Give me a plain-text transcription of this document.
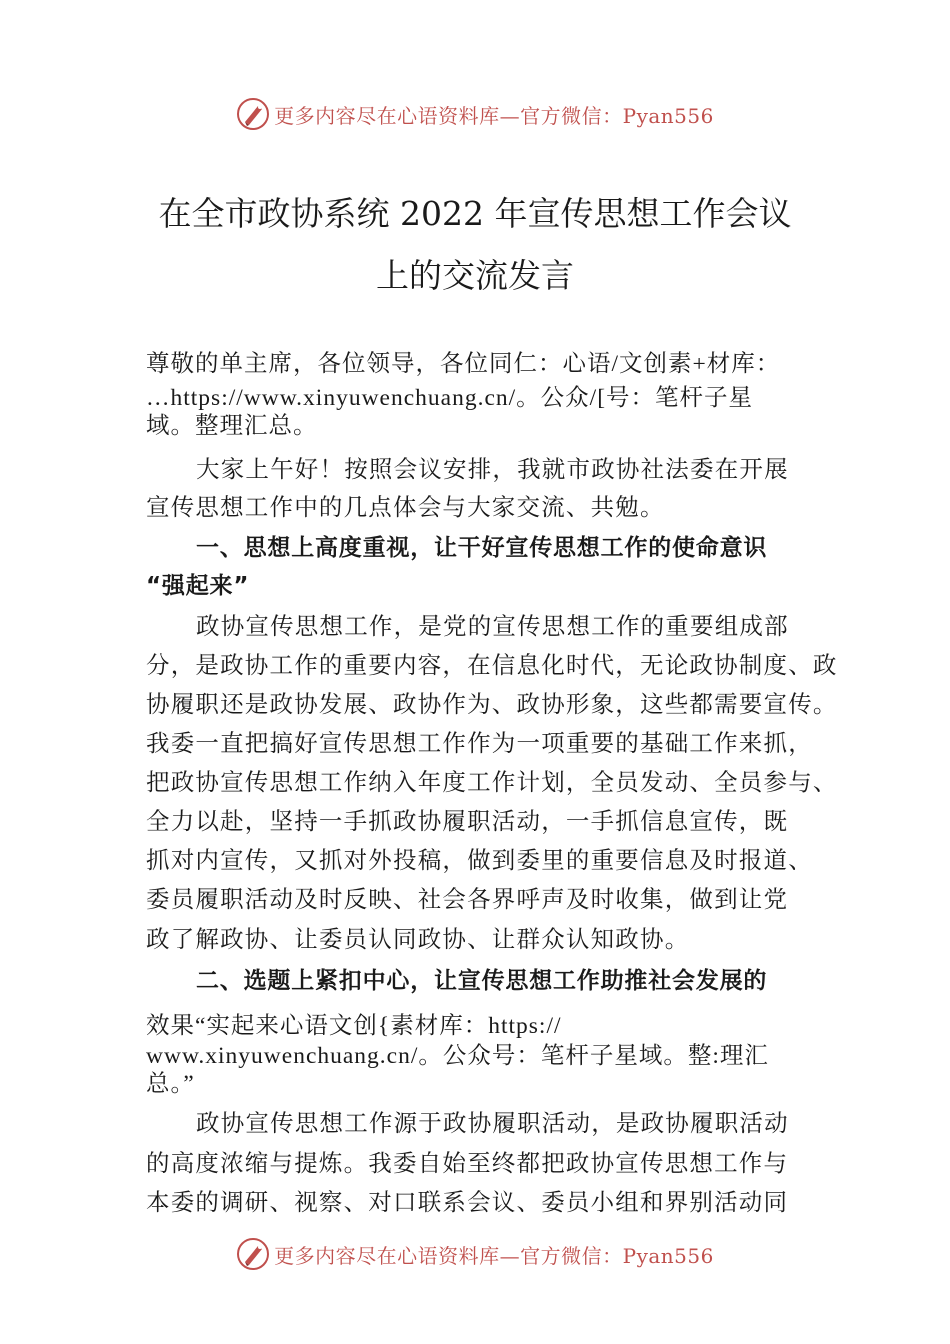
更多内容尽在心语资料库—官方微信：Pyan556
在全市政协系统 2022 年宣传思想工作会议
上的交流发言
尊敬的单主席，各位领导，各位同仁：心语/文创素+材库：
…https://www.xinyuwenchuang.cn/。公众/[号：笔杆子星
域。整理汇总。
大家上午好！按照会议安排，我就市政协社法委在开展
宣传思想工作中的几点体会与大家交流、共勉。
一、思想上高度重视，让干好宣传思想工作的使命意识
“强起来”
政协宣传思想工作，是党的宣传思想工作的重要组成部
分，是政协工作的重要内容，在信息化时代，无论政协制度、政
协履职还是政协发展、政协作为、政协形象，这些都需要宣传。
我委一直把搞好宣传思想工作作为一项重要的基础工作来抓，
把政协宣传思想工作纳入年度工作计划，全员发动、全员参与、
全力以赴，坚持一手抓政协履职活动，一手抓信息宣传，既
抓对内宣传，又抓对外投稿，做到委里的重要信息及时报道、
委员履职活动及时反映、社会各界呼声及时收集，做到让党
政了解政协、让委员认同政协、让群众认知政协。
二、选题上紧扣中心，让宣传思想工作助推社会发展的
效果“实起来心语文创{素材库：https://
www.xinyuwenchuang.cn/。公众号：笔杆子星域。整:理汇
总。”
政协宣传思想工作源于政协履职活动，是政协履职活动
的高度浓缩与提炼。我委自始至终都把政协宣传思想工作与
本委的调研、视察、对口联系会议、委员小组和界别活动同
更多内容尽在心语资料库—官方微信：Pyan556
